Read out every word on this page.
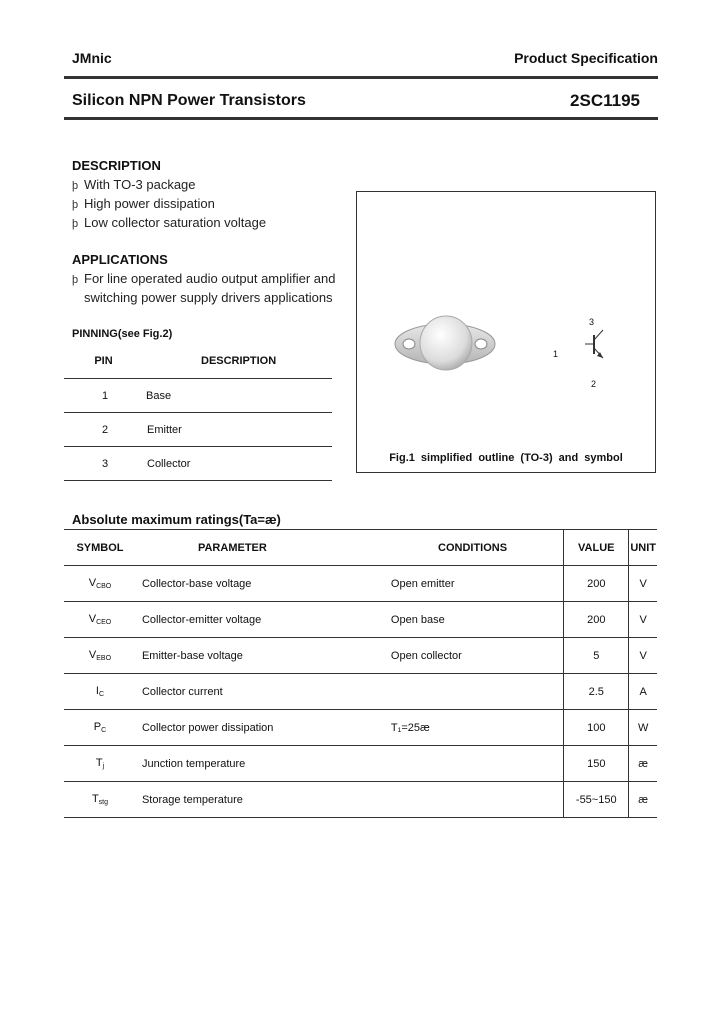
JMnic	Product Specification
Silicon NPN Power Transistors	2SC1195
DESCRIPTION
þ With TO-3 package
þ High power dissipation
þ Low collector saturation voltage
APPLICATIONS
þ For line operated audio output amplifier and
switching power supply drivers applications
PINNING(see Fig.2)
PIN	DESCRIPTION
1	Base
2	Emitter
3	Collector
3
1
2
Fig.1 simplified outline (TO-3) and symbol
Absolute maximum ratings(Ta=æ)
SYMBOL	PARAMETER	CONDITIONS	VALUE	UNIT
$V_{CBO}$	Collector-base voltage	Open emitter	200	V
$V_{CEO}$	Collector-emitter voltage	Open base	200	V
$V_{EBO}$	Emitter-base voltage	Open collector	5	V
$I_C$	Collector current		2.5	A
$P_C$	Collector power dissipation	T₁=25æ	100	W
$T_j$	Junction temperature		150	æ
$T_{stg}$	Storage temperature		-55~150	æ
